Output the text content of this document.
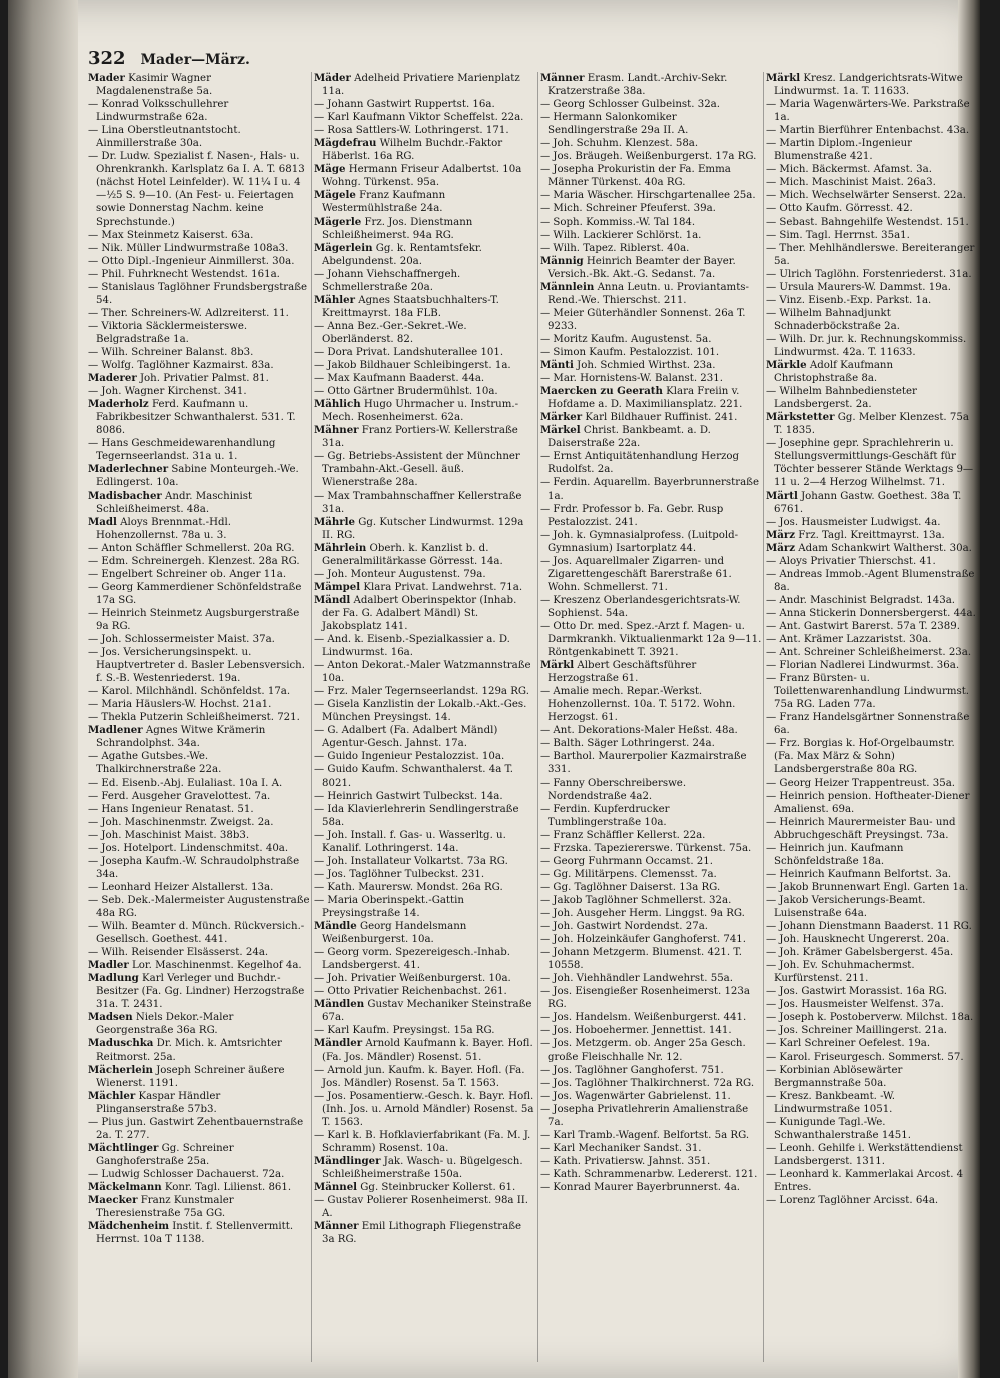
322 Mader—März.

Mader Kasimir Wagner Magdalenenstraße 5a.

— Konrad Volksschullehrer Lindwurmstraße 62a.

— Lina Oberstleutnantstocht. Ainmillerstraße 30a.

— Dr. Ludw. Spezialist f. Nasen-, Hals- u. Ohrenkrankh. Karlsplatz 6a I. A. T. 6813 (nächst Hotel Leinfelder). W. 11¼ I u. 4—½5 S. 9—10. (An Fest- u. Feiertagen sowie Donnerstag Nachm. keine Sprechstunde.)

— Max Steinmetz Kaiserst. 63a.

— Nik. Müller Lindwurmstraße 108a3.

— Otto Dipl.-Ingenieur Ainmillerst. 30a.

— Phil. Fuhrknecht Westendst. 161a.

— Stanislaus Taglöhner Frundsbergstraße 54.

— Ther. Schreiners-W. Adlzreiterst. 11.

— Viktoria Säcklermeisterswe. Belgradstraße 1a.

— Wilh. Schreiner Balanst. 8b3.

— Wolfg. Taglöhner Kazmairst. 83a.

Maderer Joh. Privatier Palmst. 81.

— Joh. Wagner Kirchenst. 341.

Maderholz Ferd. Kaufmann u. Fabrikbesitzer Schwanthalerst. 531. T. 8086.

— Hans Geschmeidewarenhandlung Tegernseerlandst. 31a u. 1.

Maderlechner Sabine Monteurgeh.-We. Edlingerst. 10a.

Madisbacher Andr. Maschinist Schleißheimerst. 48a.

Madl Aloys Brennmat.-Hdl. Hohenzollernst. 78a u. 3.

— Anton Schäffler Schmellerst. 20a RG.

— Edm. Schreinergeh. Klenzest. 28a RG.

— Engelbert Schreiner ob. Anger 11a.

— Georg Kammerdiener Schönfeldstraße 17a SG.

— Heinrich Steinmetz Augsburgerstraße 9a RG.

— Joh. Schlossermeister Maist. 37a.

— Jos. Versicherungsinspekt. u. Hauptvertreter d. Basler Lebensversich. f. S.-B. Westenriederst. 19a.

— Karol. Milchhändl. Schönfeldst. 17a.

— Maria Häuslers-W. Hochst. 21a1.

— Thekla Putzerin Schleißheimerst. 721.

Madlener Agnes Witwe Krämerin Schrandolphst. 34a.

— Agathe Gutsbes.-We. Thalkirchnerstraße 22a.

— Ed. Eisenb.-Abj. Eulaliast. 10a I. A.

— Ferd. Ausgeher Gravelottest. 7a.

— Hans Ingenieur Renatast. 51.

— Joh. Maschinenmstr. Zweigst. 2a.

— Joh. Maschinist Maist. 38b3.

— Jos. Hotelport. Lindenschmitst. 40a.

— Josepha Kaufm.-W. Schraudolphstraße 34a.

— Leonhard Heizer Alstallerst. 13a.

— Seb. Dek.-Malermeister Augustenstraße 48a RG.

— Wilh. Beamter d. Münch. Rückversich.-Gesellsch. Goethest. 441.

— Wilh. Reisender Elsässerst. 24a.

Madler Lor. Maschinenmst. Kegelhof 4a.

Madlung Karl Verleger und Buchdr.-Besitzer (Fa. Gg. Lindner) Herzogstraße 31a. T. 2431.

Madsen Niels Dekor.-Maler Georgenstraße 36a RG.

Maduschka Dr. Mich. k. Amtsrichter Reitmorst. 25a.

Mächerlein Joseph Schreiner äußere Wienerst. 1191.

Mächler Kaspar Händler Plinganserstraße 57b3.

— Pius jun. Gastwirt Zehentbauernstraße 2a. T. 277.

Mächtlinger Gg. Schreiner Ganghoferstraße 25a.

— Ludwig Schlosser Dachauerst. 72a.

Mäckelmann Konr. Tagl. Lilienst. 861.

Maecker Franz Kunstmaler Theresienstraße 75a GG.

Mädchenheim Instit. f. Stellenvermitt. Herrnst. 10a T 1138.

Mäder Adelheid Privatiere Marienplatz 11a.

— Johann Gastwirt Ruppertst. 16a.

— Karl Kaufmann Viktor Scheffelst. 22a.

— Rosa Sattlers-W. Lothringerst. 171.

Mägdefrau Wilhelm Buchdr.-Faktor Häberlst. 16a RG.

Mäge Hermann Friseur Adalbertst. 10a Wohng. Türkenst. 95a.

Mägele Franz Kaufmann Westermühlstraße 24a.

Mägerle Frz. Jos. Dienstmann Schleißheimerst. 94a RG.

Mägerlein Gg. k. Rentamtsfekr. Abelgundenst. 20a.

— Johann Viehschaffnergeh. Schmellerstraße 20a.

Mähler Agnes Staatsbuchhalters-T. Kreittmayrst. 18a FLB.

— Anna Bez.-Ger.-Sekret.-We. Oberländerst. 82.

— Dora Privat. Landshuterallee 101.

— Jakob Bildhauer Schleibingerst. 1a.

— Max Kaufmann Baaderst. 44a.

— Otto Gärtner Brudermühlst. 10a.

Mählich Hugo Uhrmacher u. Instrum.-Mech. Rosenheimerst. 62a.

Mähner Franz Portiers-W. Kellerstraße 31a.

— Gg. Betriebs-Assistent der Münchner Trambahn-Akt.-Gesell. äuß. Wienerstraße 28a.

— Max Trambahnschaffner Kellerstraße 31a.

Mährle Gg. Kutscher Lindwurmst. 129a II. RG.

Mährlein Oberh. k. Kanzlist b. d. Generalmilitärkasse Görresst. 14a.

— Joh. Monteur Augustenst. 79a.

Mämpel Klara Privat. Landwehrst. 71a.

Mändl Adalbert Oberinspektor (Inhab. der Fa. G. Adalbert Mändl) St. Jakobsplatz 141.

— And. k. Eisenb.-Spezialkassier a. D. Lindwurmst. 16a.

— Anton Dekorat.-Maler Watzmannstraße 10a.

— Frz. Maler Tegernseerlandst. 129a RG.

— Gisela Kanzlistin der Lokalb.-Akt.-Ges. München Preysingst. 14.

— G. Adalbert (Fa. Adalbert Mändl) Agentur-Gesch. Jahnst. 17a.

— Guido Ingenieur Pestalozzist. 10a.

— Guido Kaufm. Schwanthalerst. 4a T. 8021.

— Heinrich Gastwirt Tulbeckst. 14a.

— Ida Klavierlehrerin Sendlingerstraße 58a.

— Joh. Install. f. Gas- u. Wasserltg. u. Kanalif. Lothringerst. 14a.

— Joh. Installateur Volkartst. 73a RG.

— Jos. Taglöhner Tulbeckst. 231.

— Kath. Maurersw. Mondst. 26a RG.

— Maria Oberinspekt.-Gattin Preysingstraße 14.

Mändle Georg Handelsmann Weißenburgerst. 10a.

— Georg vorm. Spezereigesch.-Inhab. Landsbergerst. 41.

— Joh. Privatier Weißenburgerst. 10a.

— Otto Privatier Reichenbachst. 261.

Mändlen Gustav Mechaniker Steinstraße 67a.

— Karl Kaufm. Preysingst. 15a RG.

Mändler Arnold Kaufmann k. Bayer. Hofl. (Fa. Jos. Mändler) Rosenst. 51.

— Arnold jun. Kaufm. k. Bayer. Hofl. (Fa. Jos. Mändler) Rosenst. 5a T. 1563.

— Jos. Posamentierw.-Gesch. k. Bayr. Hofl. (Inh. Jos. u. Arnold Mändler) Rosenst. 5a T. 1563.

— Karl k. B. Hofklavierfabrikant (Fa. M. J. Schramm) Rosenst. 10a.

Mändlinger Jak. Wasch- u. Bügelgesch. Schleißheimerstraße 150a.

Männel Gg. Steinbrucker Kollerst. 61.

— Gustav Polierer Rosenheimerst. 98a II. A.

Männer Emil Lithograph Fliegenstraße 3a RG.

Männer Erasm. Landt.-Archiv-Sekr. Kratzerstraße 38a.

— Georg Schlosser Gulbeinst. 32a.

— Hermann Salonkomiker Sendlingerstraße 29a II. A.

— Joh. Schuhm. Klenzest. 58a.

— Jos. Bräugeh. Weißenburgerst. 17a RG.

— Josepha Prokuristin der Fa. Emma Männer Türkenst. 40a RG.

— Maria Wäscher. Hirschgartenallee 25a.

— Mich. Schreiner Pfeuferst. 39a.

— Soph. Kommiss.-W. Tal 184.

— Wilh. Lackierer Schlörst. 1a.

— Wilh. Tapez. Riblerst. 40a.

Männig Heinrich Beamter der Bayer. Versich.-Bk. Akt.-G. Sedanst. 7a.

Männlein Anna Leutn. u. Proviantamts-Rend.-We. Thierschst. 211.

— Meier Güterhändler Sonnenst. 26a T. 9233.

— Moritz Kaufm. Augustenst. 5a.

— Simon Kaufm. Pestalozzist. 101.

Mänti Joh. Schmied Wirthst. 23a.

— Mar. Hornistens-W. Balanst. 231.

Maercken zu Geerath Klara Freiin v. Hofdame a. D. Maximiliansplatz. 221.

Märker Karl Bildhauer Ruffinist. 241.

Märkel Christ. Bankbeamt. a. D. Daiserstraße 22a.

— Ernst Antiquitätenhandlung Herzog Rudolfst. 2a.

— Ferdin. Aquarellm. Bayerbrunnerstraße 1a.

— Frdr. Professor b. Fa. Gebr. Rusp Pestalozzist. 241.

— Joh. k. Gymnasialprofess. (Luitpold-Gymnasium) Isartorplatz 44.

— Jos. Aquarellmaler Zigarren- und Zigarettengeschäft Barerstraße 61. Wohn. Schmellerst. 71.

— Kreszenz Oberlandesgerichtsrats-W. Sophienst. 54a.

— Otto Dr. med. Spez.-Arzt f. Magen- u. Darmkrankh. Viktualienmarkt 12a 9—11. Röntgenkabinett T. 3921.

Märkl Albert Geschäftsführer Herzogstraße 61.

— Amalie mech. Repar.-Werkst. Hohenzollernst. 10a. T. 5172. Wohn. Herzogst. 61.

— Ant. Dekorations-Maler Heßst. 48a.

— Balth. Säger Lothringerst. 24a.

— Barthol. Maurerpolier Kazmairstraße 331.

— Fanny Oberschreiberswe. Nordendstraße 4a2.

— Ferdin. Kupferdrucker Tumblingerstraße 10a.

— Franz Schäffler Kellerst. 22a.

— Frzska. Tapeziererswe. Türkenst. 75a.

— Georg Fuhrmann Occamst. 21.

— Gg. Militärpens. Clemensst. 7a.

— Gg. Taglöhner Daiserst. 13a RG.

— Jakob Taglöhner Schmellerst. 32a.

— Joh. Ausgeher Herm. Linggst. 9a RG.

— Joh. Gastwirt Nordendst. 27a.

— Joh. Holzeinkäufer Ganghoferst. 741.

— Johann Metzgerm. Blumenst. 421. T. 10558.

— Joh. Viehhändler Landwehrst. 55a.

— Jos. Eisengießer Rosenheimerst. 123a RG.

— Jos. Handelsm. Weißenburgerst. 441.

— Jos. Hoboehermer. Jennettist. 141.

— Jos. Metzgerm. ob. Anger 25a Gesch. große Fleischhalle Nr. 12.

— Jos. Taglöhner Ganghoferst. 751.

— Jos. Taglöhner Thalkirchnerst. 72a RG.

— Jos. Wagenwärter Gabrielenst. 11.

— Josepha Privatlehrerin Amalienstraße 7a.

— Karl Tramb.-Wagenf. Belfortst. 5a RG.

— Karl Mechaniker Sandst. 31.

— Kath. Privatiersw. Jahnst. 351.

— Kath. Schrammenarbw. Ledererst. 121.

— Konrad Maurer Bayerbrunnerst. 4a.

Märkl Kresz. Landgerichtsrats-Witwe Lindwurmst. 1a. T. 11633.

— Maria Wagenwärters-We. Parkstraße 1a.

— Martin Bierführer Entenbachst. 43a.

— Martin Diplom.-Ingenieur Blumenstraße 421.

— Mich. Bäckermst. Afamst. 3a.

— Mich. Maschinist Maist. 26a3.

— Mich. Wechselwärter Senserst. 22a.

— Otto Kaufm. Görresst. 42.

— Sebast. Bahngehilfe Westendst. 151.

— Sim. Tagl. Herrnst. 35a1.

— Ther. Mehlhändlerswe. Bereiteranger 5a.

— Ulrich Taglöhn. Forstenriederst. 31a.

— Ursula Maurers-W. Dammst. 19a.

— Vinz. Eisenb.-Exp. Parkst. 1a.

— Wilhelm Bahnadjunkt Schnaderböckstraße 2a.

— Wilh. Dr. jur. k. Rechnungskommiss. Lindwurmst. 42a. T. 11633.

Märkle Adolf Kaufmann Christophstraße 8a.

— Wilhelm Bahnbediensteter Landsbergerst. 2a.

Märkstetter Gg. Melber Klenzest. 75a T. 1835.

— Josephine gepr. Sprachlehrerin u. Stellungsvermittlungs-Geschäft für Töchter besserer Stände Werktags 9—11 u. 2—4 Herzog Wilhelmst. 71.

Märtl Johann Gastw. Goethest. 38a T. 6761.

— Jos. Hausmeister Ludwigst. 4a.

März Frz. Tagl. Kreittmayrst. 13a.

März Adam Schankwirt Waltherst. 30a.

— Aloys Privatier Thierschst. 41.

— Andreas Immob.-Agent Blumenstraße 8a.

— Andr. Maschinist Belgradst. 143a.

— Anna Stickerin Donnersbergerst. 44a.

— Ant. Gastwirt Barerst. 57a T. 2389.

— Ant. Krämer Lazzaristst. 30a.

— Ant. Schreiner Schleißheimerst. 23a.

— Florian Nadlerei Lindwurmst. 36a.

— Franz Bürsten- u. Toilettenwarenhandlung Lindwurmst. 75a RG. Laden 77a.

— Franz Handelsgärtner Sonnenstraße 6a.

— Frz. Borgias k. Hof-Orgelbaumstr. (Fa. Max März & Sohn) Landsbergerstraße 80a RG.

— Georg Heizer Trappentreust. 35a.

— Heinrich pension. Hoftheater-Diener Amalienst. 69a.

— Heinrich Maurermeister Bau- und Abbruchgeschäft Preysingst. 73a.

— Heinrich jun. Kaufmann Schönfeldstraße 18a.

— Heinrich Kaufmann Belfortst. 3a.

— Jakob Brunnenwart Engl. Garten 1a.

— Jakob Versicherungs-Beamt. Luisenstraße 64a.

— Johann Dienstmann Baaderst. 11 RG.

— Joh. Hausknecht Ungererst. 20a.

— Joh. Krämer Gabelsbergerst. 45a.

— Joh. Ev. Schuhmachermst. Kurfürstenst. 211.

— Jos. Gastwirt Morassist. 16a RG.

— Jos. Hausmeister Welfenst. 37a.

— Joseph k. Postoberverw. Milchst. 18a.

— Jos. Schreiner Maillingerst. 21a.

— Karl Schreiner Oefelest. 19a.

— Karol. Friseurgesch. Sommerst. 57.

— Korbinian Ablösewärter Bergmannstraße 50a.

— Kresz. Bankbeamt. -W. Lindwurmstraße 1051.

— Kunigunde Tagl.-We. Schwanthalerstraße 1451.

— Leonh. Gehilfe i. Werkstättendienst Landsbergerst. 1311.

— Leonhard k. Kammerlakai Arcost. 4 Entres.

— Lorenz Taglöhner Arcisst. 64a.
